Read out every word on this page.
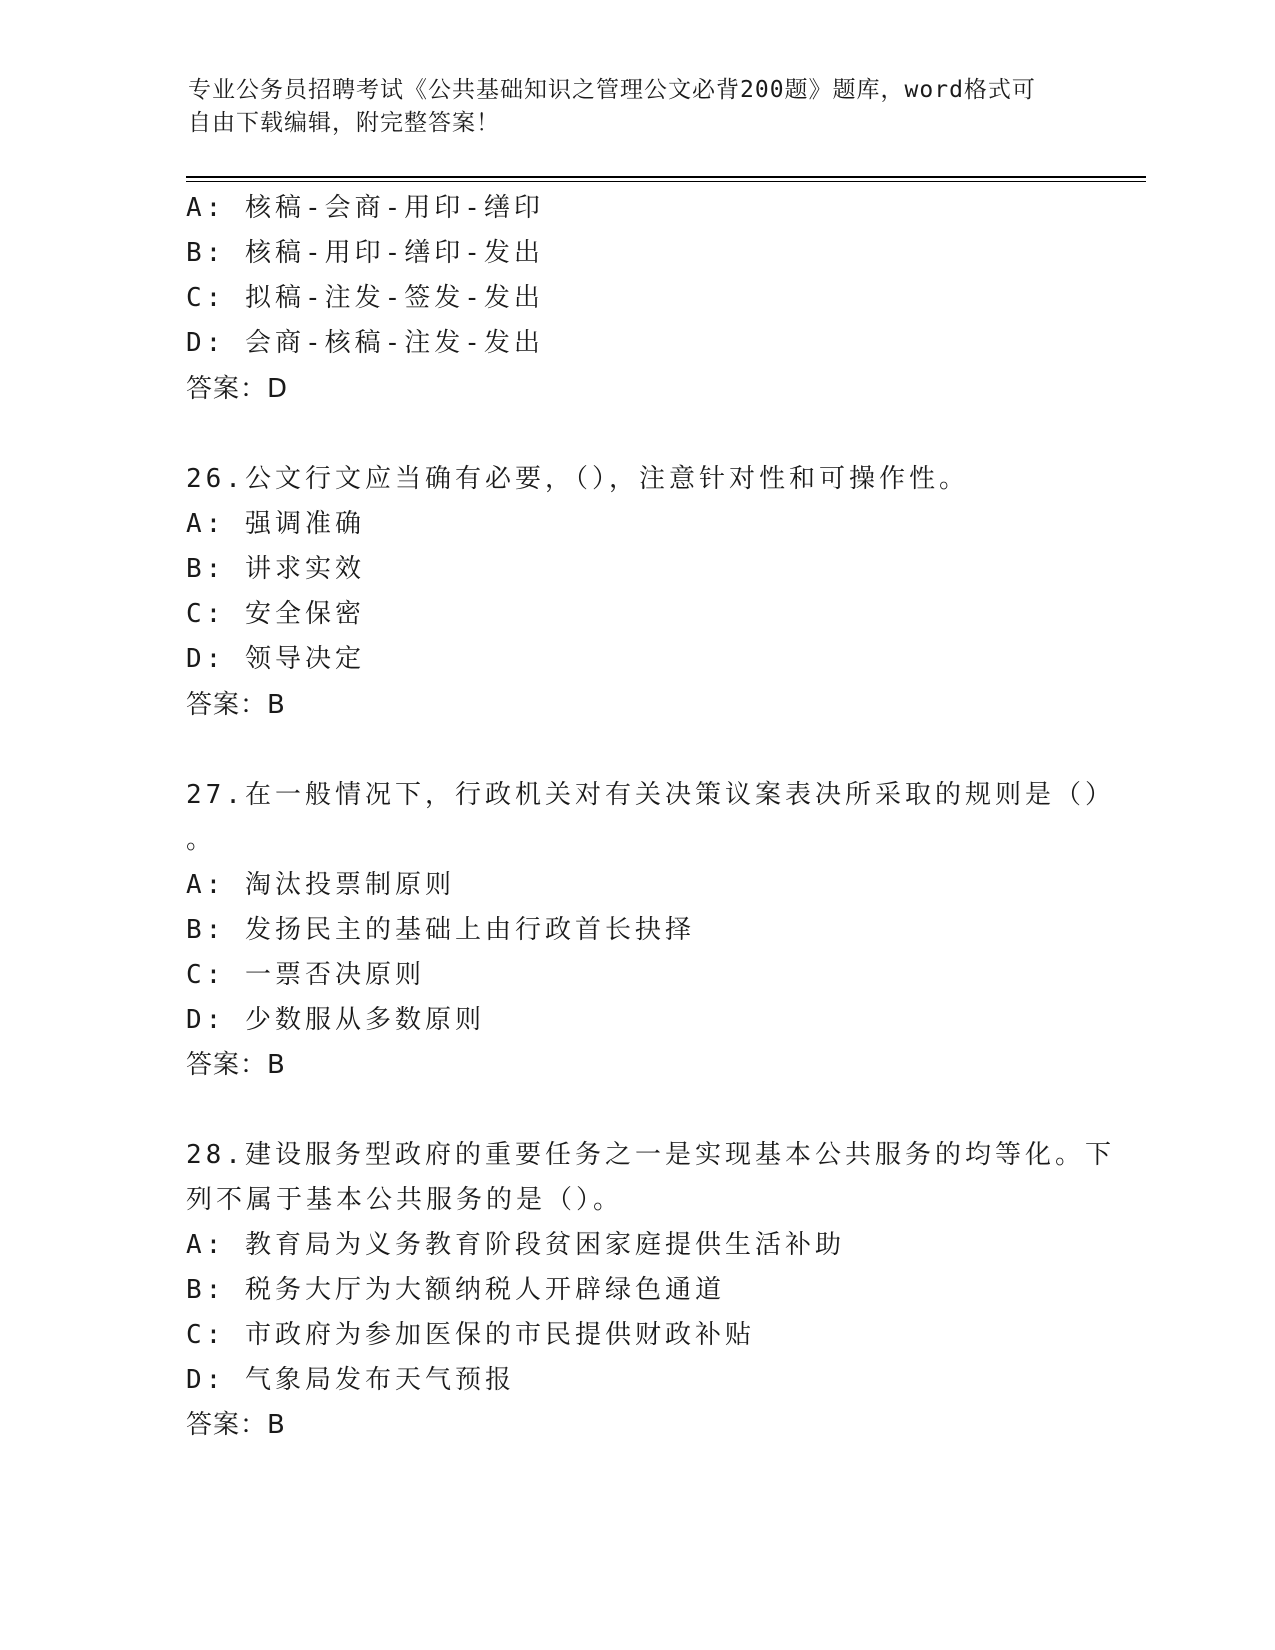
专业公务员招聘考试《公共基础知识之管理公文必背200题》题库，word格式可
自由下载编辑，附完整答案！
A: 核稿-会商-用印-缮印
B: 核稿-用印-缮印-发出
C: 拟稿-注发-签发-发出
D: 会商-核稿-注发-发出
答案：D
26.公文行文应当确有必要，（），注意针对性和可操作性。
A: 强调准确
B: 讲求实效
C: 安全保密
D: 领导决定
答案：B
27.在一般情况下，行政机关对有关决策议案表决所采取的规则是（）
。
A: 淘汰投票制原则
B: 发扬民主的基础上由行政首长抉择
C: 一票否决原则
D: 少数服从多数原则
答案：B
28.建设服务型政府的重要任务之一是实现基本公共服务的均等化。下
列不属于基本公共服务的是（）。
A: 教育局为义务教育阶段贫困家庭提供生活补助
B: 税务大厅为大额纳税人开辟绿色通道
C: 市政府为参加医保的市民提供财政补贴
D: 气象局发布天气预报
答案：B
